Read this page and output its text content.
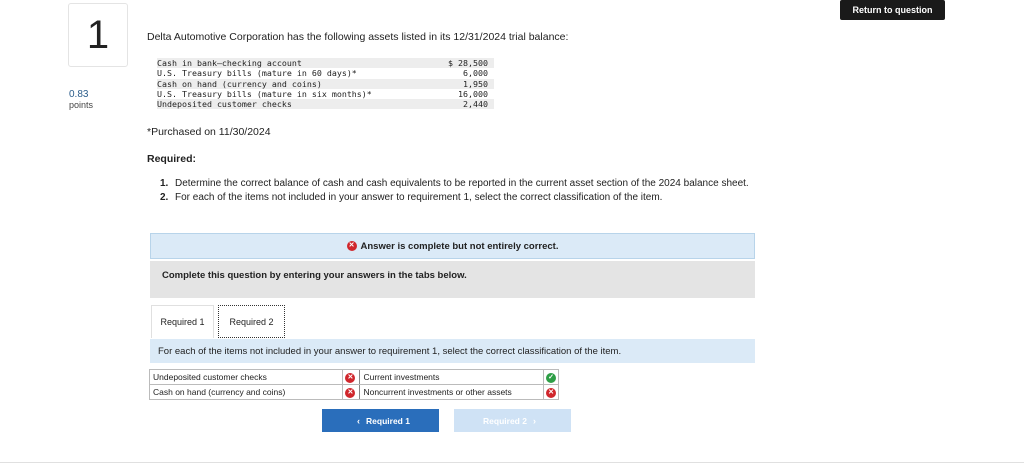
1
0.83
points
Return to question
Delta Automotive Corporation has the following assets listed in its 12/31/2024 trial balance:
Cash in bank—checking account	$ 28,500
U.S. Treasury bills (mature in 60 days)*	6,000
Cash on hand (currency and coins)	1,950
U.S. Treasury bills (mature in six months)*	16,000
Undeposited customer checks	2,440
*Purchased on 11/30/2024
Required:
1. Determine the correct balance of cash and cash equivalents to be reported in the current asset section of the 2024 balance sheet.
2. For each of the items not included in your answer to requirement 1, select the correct classification of the item.
✕ Answer is complete but not entirely correct.
Complete this question by entering your answers in the tabs below.
Required 1	Required 2
For each of the items not included in your answer to requirement 1, select the correct classification of the item.
Undeposited customer checks	✕	Current investments	✓
Cash on hand (currency and coins)	✕	Noncurrent investments or other assets	✕
‹ Required 1	Required 2 ›
